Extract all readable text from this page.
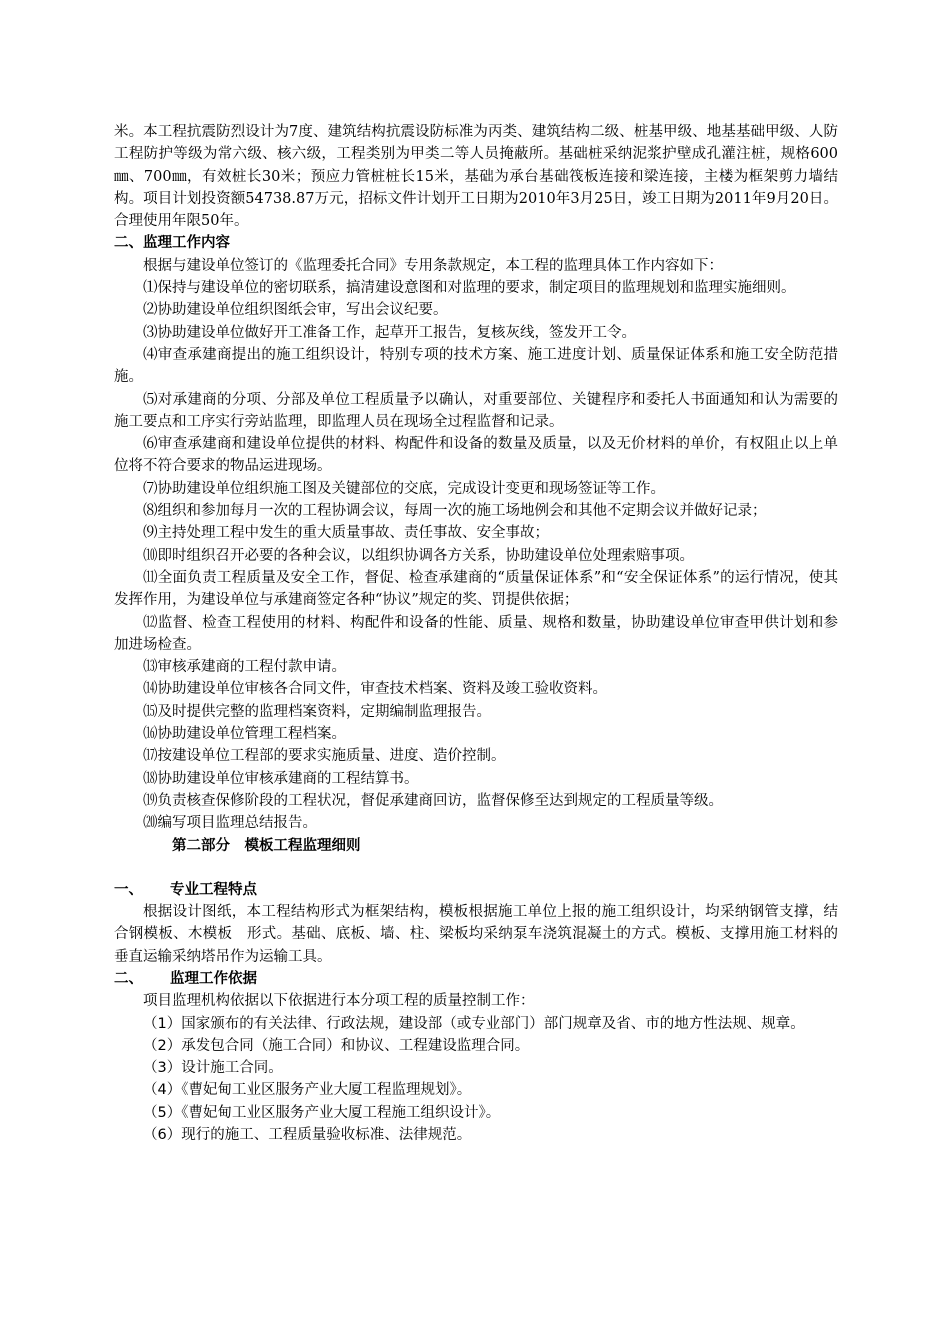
米。本工程抗震防烈设计为7度、建筑结构抗震设防标准为丙类、建筑结构二级、桩基甲级、地基基础甲级、人防工程防护等级为常六级、核六级，工程类别为甲类二等人员掩蔽所。基础桩采纳泥浆护壁成孔灌注桩，规格600㎜、700㎜，有效桩长30米；预应力管桩桩长15米，基础为承台基础筏板连接和梁连接，主楼为框架剪力墙结构。项目计划投资额54738.87万元，招标文件计划开工日期为2010年3月25日，竣工日期为2011年9月20日。合理使用年限50年。

二、监理工作内容

根据与建设单位签订的《监理委托合同》专用条款规定，本工程的监理具体工作内容如下：

⑴保持与建设单位的密切联系，搞清建设意图和对监理的要求，制定项目的监理规划和监理实施细则。

⑵协助建设单位组织图纸会审，写出会议纪要。

⑶协助建设单位做好开工准备工作，起草开工报告，复核灰线，签发开工令。

⑷审查承建商提出的施工组织设计，特别专项的技术方案、施工进度计划、质量保证体系和施工安全防范措施。

⑸对承建商的分项、分部及单位工程质量予以确认，对重要部位、关键程序和委托人书面通知和认为需要的施工要点和工序实行旁站监理，即监理人员在现场全过程监督和记录。

⑹审查承建商和建设单位提供的材料、构配件和设备的数量及质量，以及无价材料的单价，有权阻止以上单位将不符合要求的物品运进现场。

⑺协助建设单位组织施工图及关键部位的交底，完成设计变更和现场签证等工作。

⑻组织和参加每月一次的工程协调会议，每周一次的施工场地例会和其他不定期会议并做好记录；

⑼主持处理工程中发生的重大质量事故、责任事故、安全事故；

⑽即时组织召开必要的各种会议，以组织协调各方关系，协助建设单位处理索赔事项。

⑾全面负责工程质量及安全工作，督促、检查承建商的“质量保证体系”和“安全保证体系”的运行情况，使其发挥作用，为建设单位与承建商签定各种“协议”规定的奖、罚提供依据；

⑿监督、检查工程使用的材料、构配件和设备的性能、质量、规格和数量，协助建设单位审查甲供计划和参加进场检查。

⒀审核承建商的工程付款申请。

⒁协助建设单位审核各合同文件，审查技术档案、资料及竣工验收资料。

⒂及时提供完整的监理档案资料，定期编制监理报告。

⒃协助建设单位管理工程档案。

⒄按建设单位工程部的要求实施质量、进度、造价控制。

⒅协助建设单位审核承建商的工程结算书。

⒆负责核查保修阶段的工程状况，督促承建商回访，监督保修至达到规定的工程质量等级。

⒇编写项目监理总结报告。

第二部分　模板工程监理细则

一、	专业工程特点

根据设计图纸，本工程结构形式为框架结构，模板根据施工单位上报的施工组织设计，均采纳钢管支撑，结合钢模板、木模板　形式。基础、底板、墙、柱、梁板均采纳泵车浇筑混凝土的方式。模板、支撑用施工材料的垂直运输采纳塔吊作为运输工具。

二、	监理工作依据

项目监理机构依据以下依据进行本分项工程的质量控制工作：

（1）国家颁布的有关法律、行政法规，建设部（或专业部门）部门规章及省、市的地方性法规、规章。

（2）承发包合同（施工合同）和协议、工程建设监理合同。

（3）设计施工合同。

（4）《曹妃甸工业区服务产业大厦工程监理规划》。

（5）《曹妃甸工业区服务产业大厦工程施工组织设计》。

（6）现行的施工、工程质量验收标准、法律规范。
